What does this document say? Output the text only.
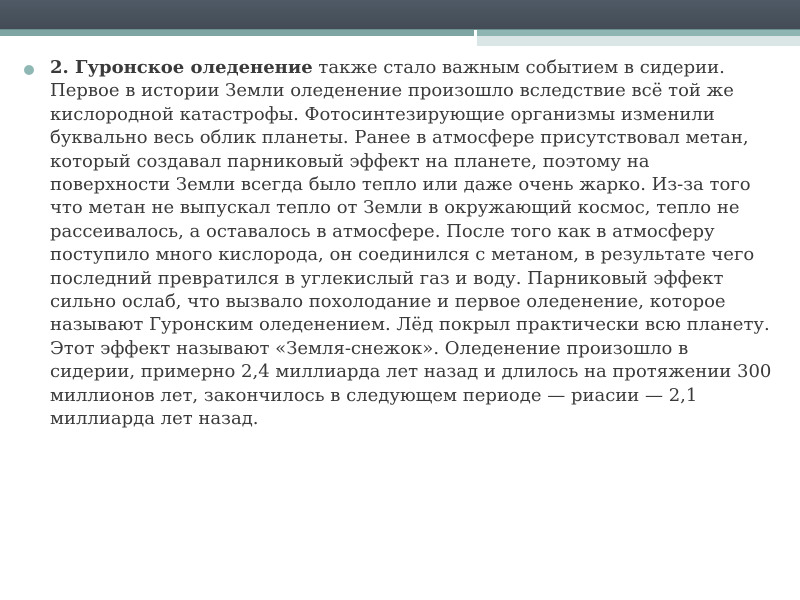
2. Гуронское оледенение также стало важным событием в сидерии. Первое в истории Земли оледенение произошло вследствие всё той же кислородной катастрофы. Фотосинтезирующие организмы изменили буквально весь облик планеты. Ранее в атмосфере присутствовал метан, который создавал парниковый эффект на планете, поэтому на поверхности Земли всегда было тепло или даже очень жарко. Из-за того что метан не выпускал тепло от Земли в окружающий космос, тепло не рассеивалось, а оставалось в атмосфере. После того как в атмосферу поступило много кислорода, он соединился с метаном, в результате чего последний превратился в углекислый газ и воду. Парниковый эффект сильно ослаб, что вызвало похолодание и первое оледенение, которое называют Гуронским оледенением. Лёд покрыл практически всю планету. Этот эффект называют «Земля-снежок». Оледенение произошло в сидерии, примерно 2,4 миллиарда лет назад и длилось на протяжении 300 миллионов лет, закончилось в следующем периоде — риасии — 2,1 миллиарда лет назад.
